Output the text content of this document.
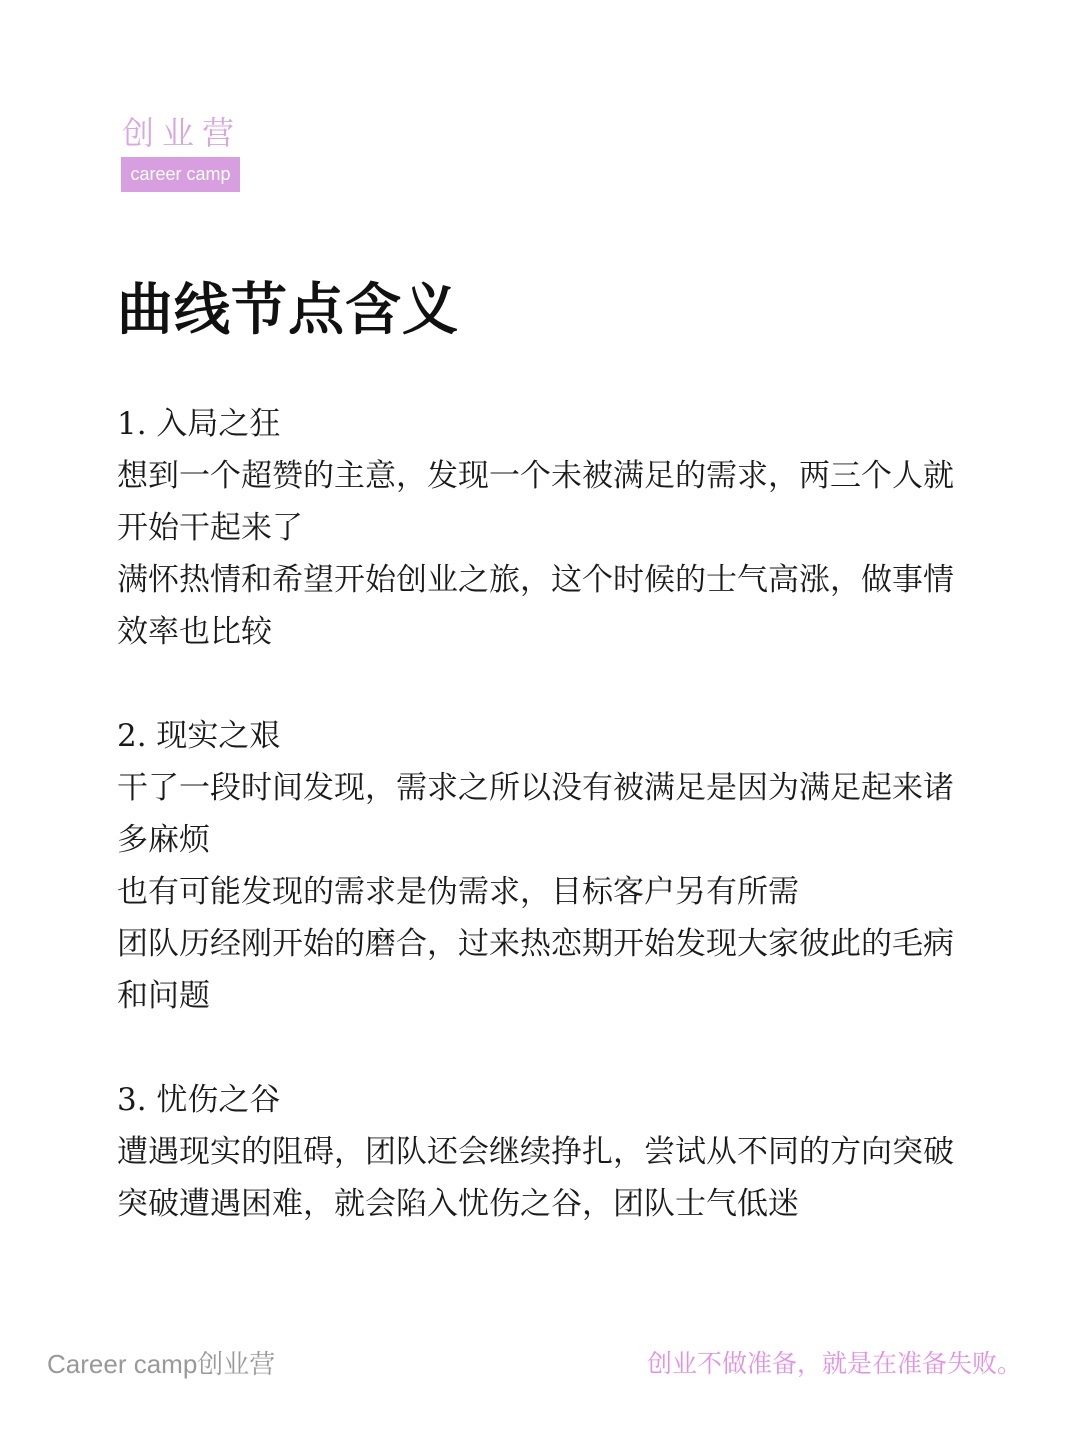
创业营
career camp
曲线节点含义
1. 入局之狂
想到一个超赞的主意，发现一个未被满足的需求，两三个人就
开始干起来了
满怀热情和希望开始创业之旅，这个时候的士气高涨，做事情
效率也比较
2. 现实之艰
干了一段时间发现，需求之所以没有被满足是因为满足起来诸
多麻烦
也有可能发现的需求是伪需求，目标客户另有所需
团队历经刚开始的磨合，过来热恋期开始发现大家彼此的毛病
和问题
3. 忧伤之谷
遭遇现实的阻碍，团队还会继续挣扎，尝试从不同的方向突破
突破遭遇困难，就会陷入忧伤之谷，团队士气低迷
Career camp创业营	创业不做准备，就是在准备失败。
